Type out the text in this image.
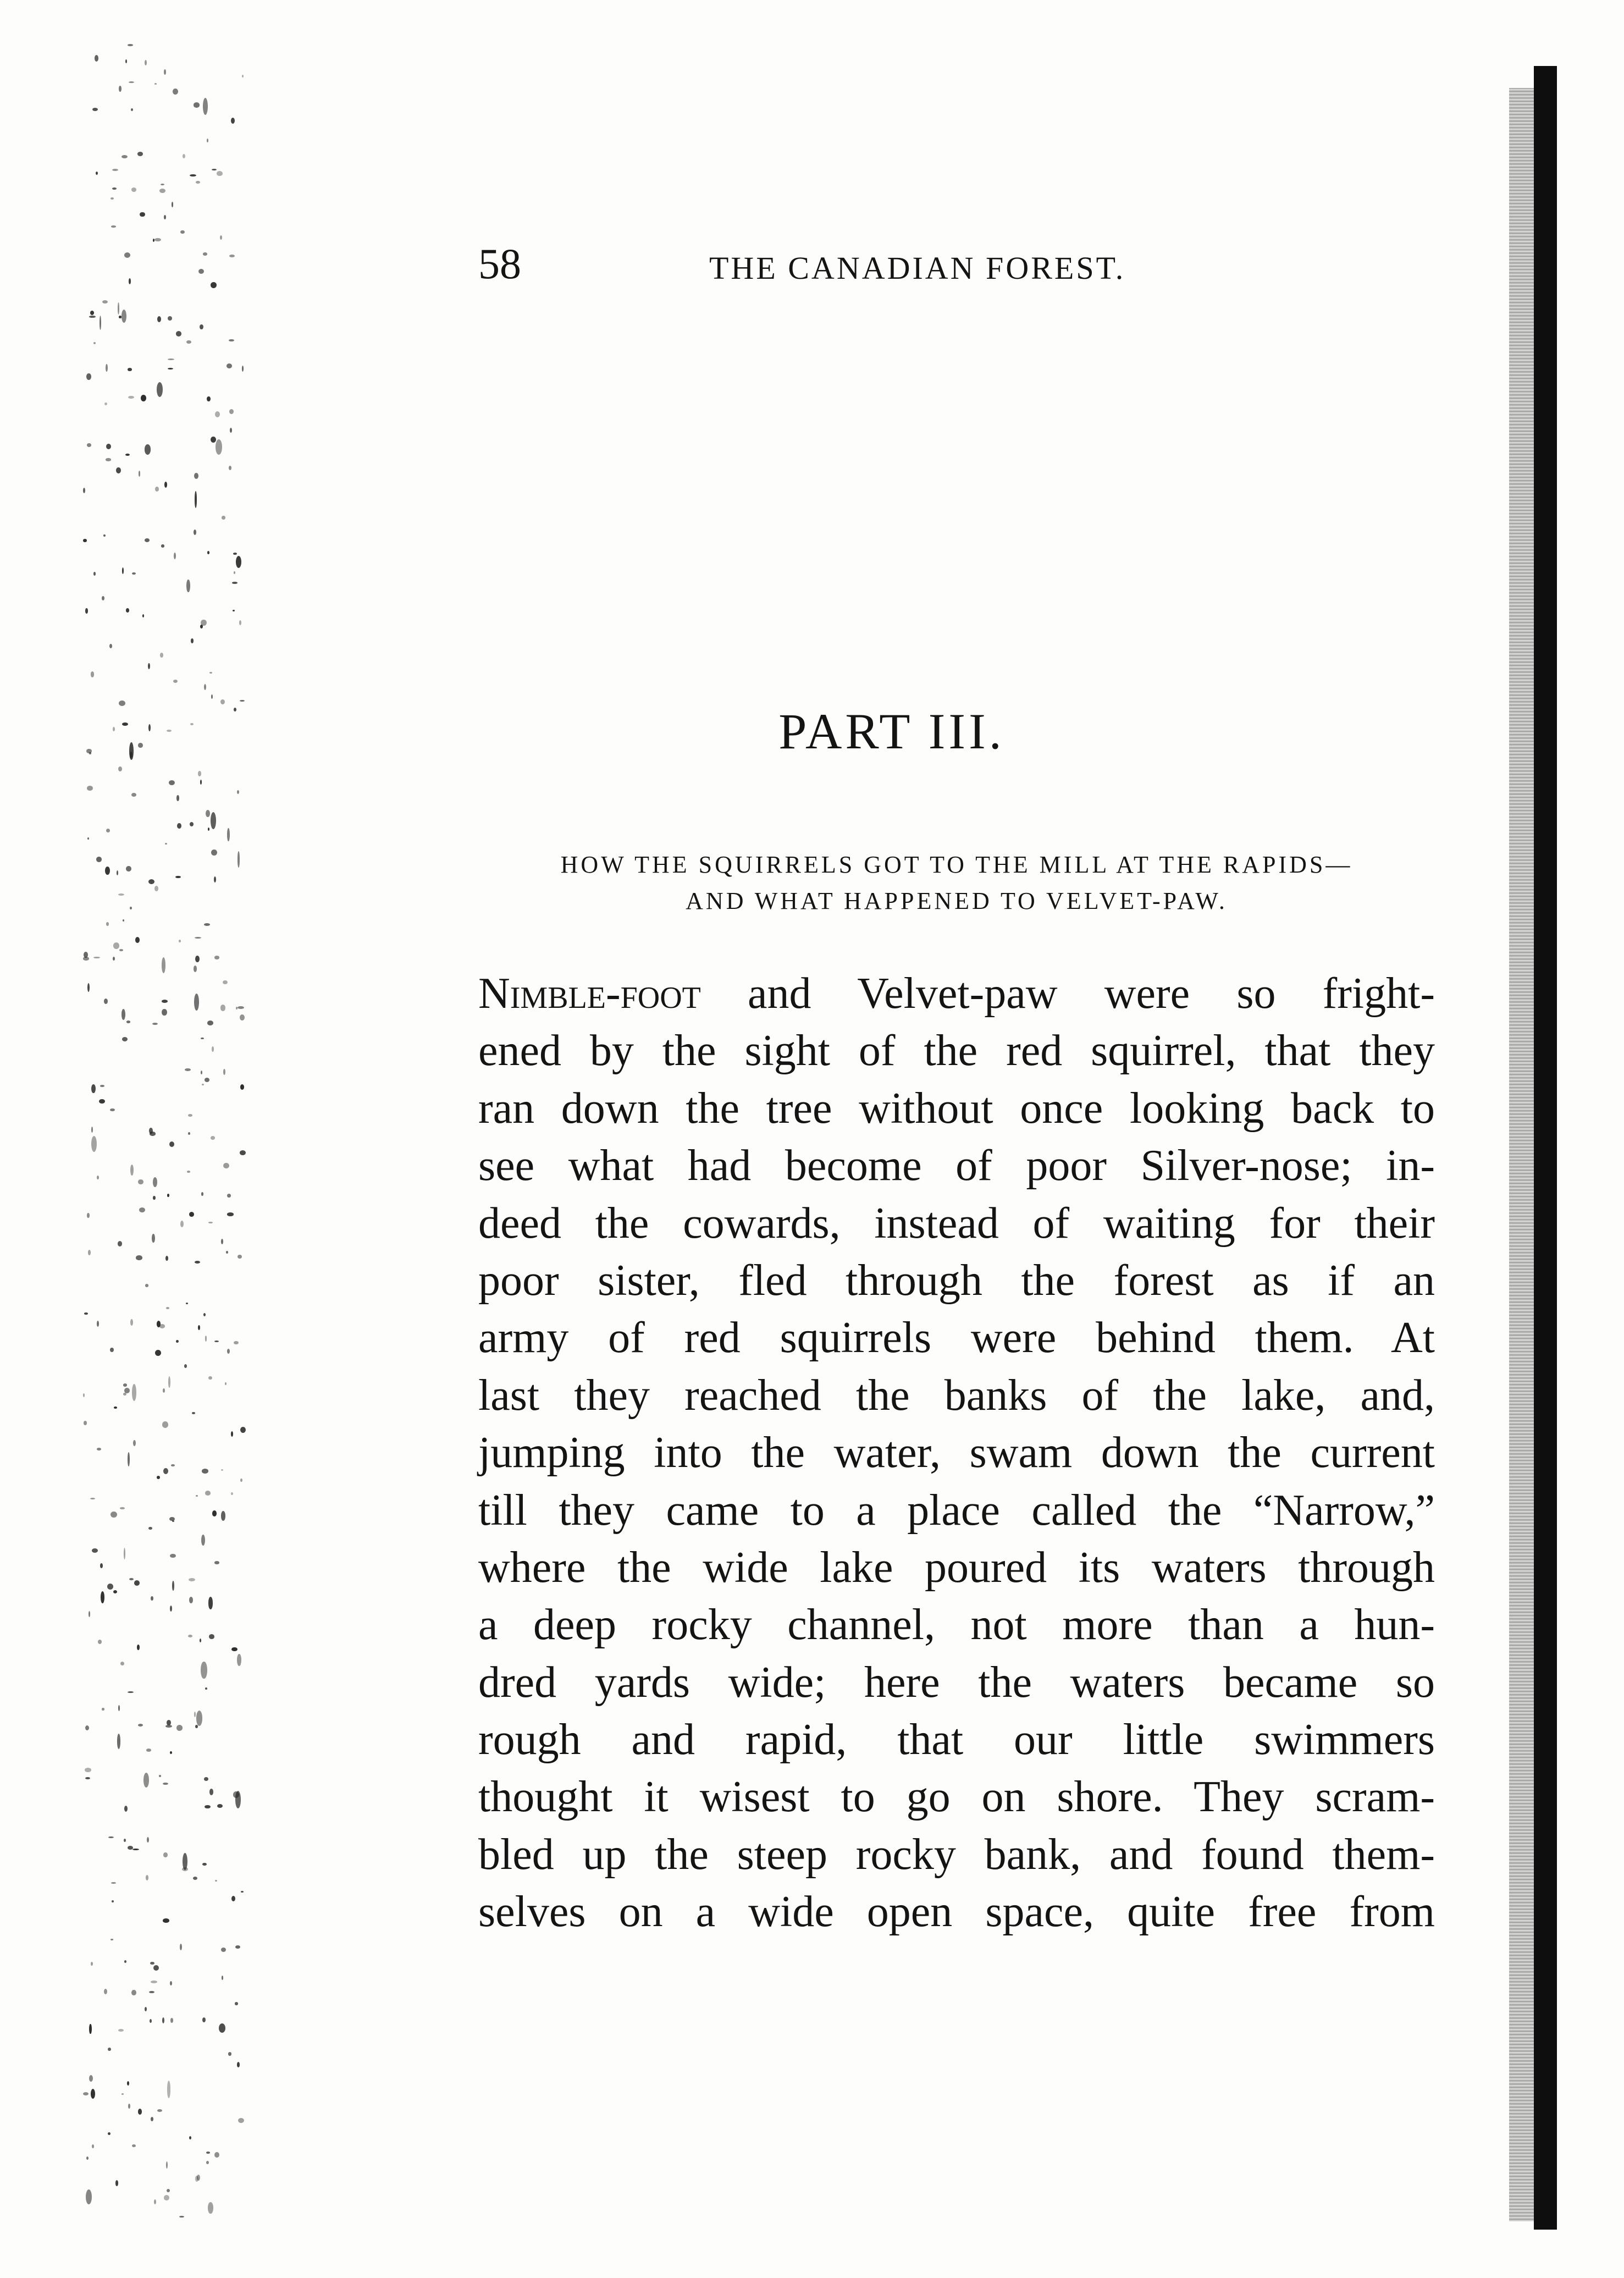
58	THE CANADIAN FOREST.
PART III.
HOW THE SQUIRRELS GOT TO THE MILL AT THE RAPIDS—
AND WHAT HAPPENED TO VELVET-PAW.
Nimble-foot and Velvet-paw were so fright-
ened by the sight of the red squirrel, that they
ran down the tree without once looking back to
see what had become of poor Silver-nose; in-
deed the cowards, instead of waiting for their
poor sister, fled through the forest as if an
army of red squirrels were behind them. At
last they reached the banks of the lake, and,
jumping into the water, swam down the current
till they came to a place called the “Narrow,”
where the wide lake poured its waters through
a deep rocky channel, not more than a hun-
dred yards wide; here the waters became so
rough and rapid, that our little swimmers
thought it wisest to go on shore. They scram-
bled up the steep rocky bank, and found them-
selves on a wide open space, quite free from
